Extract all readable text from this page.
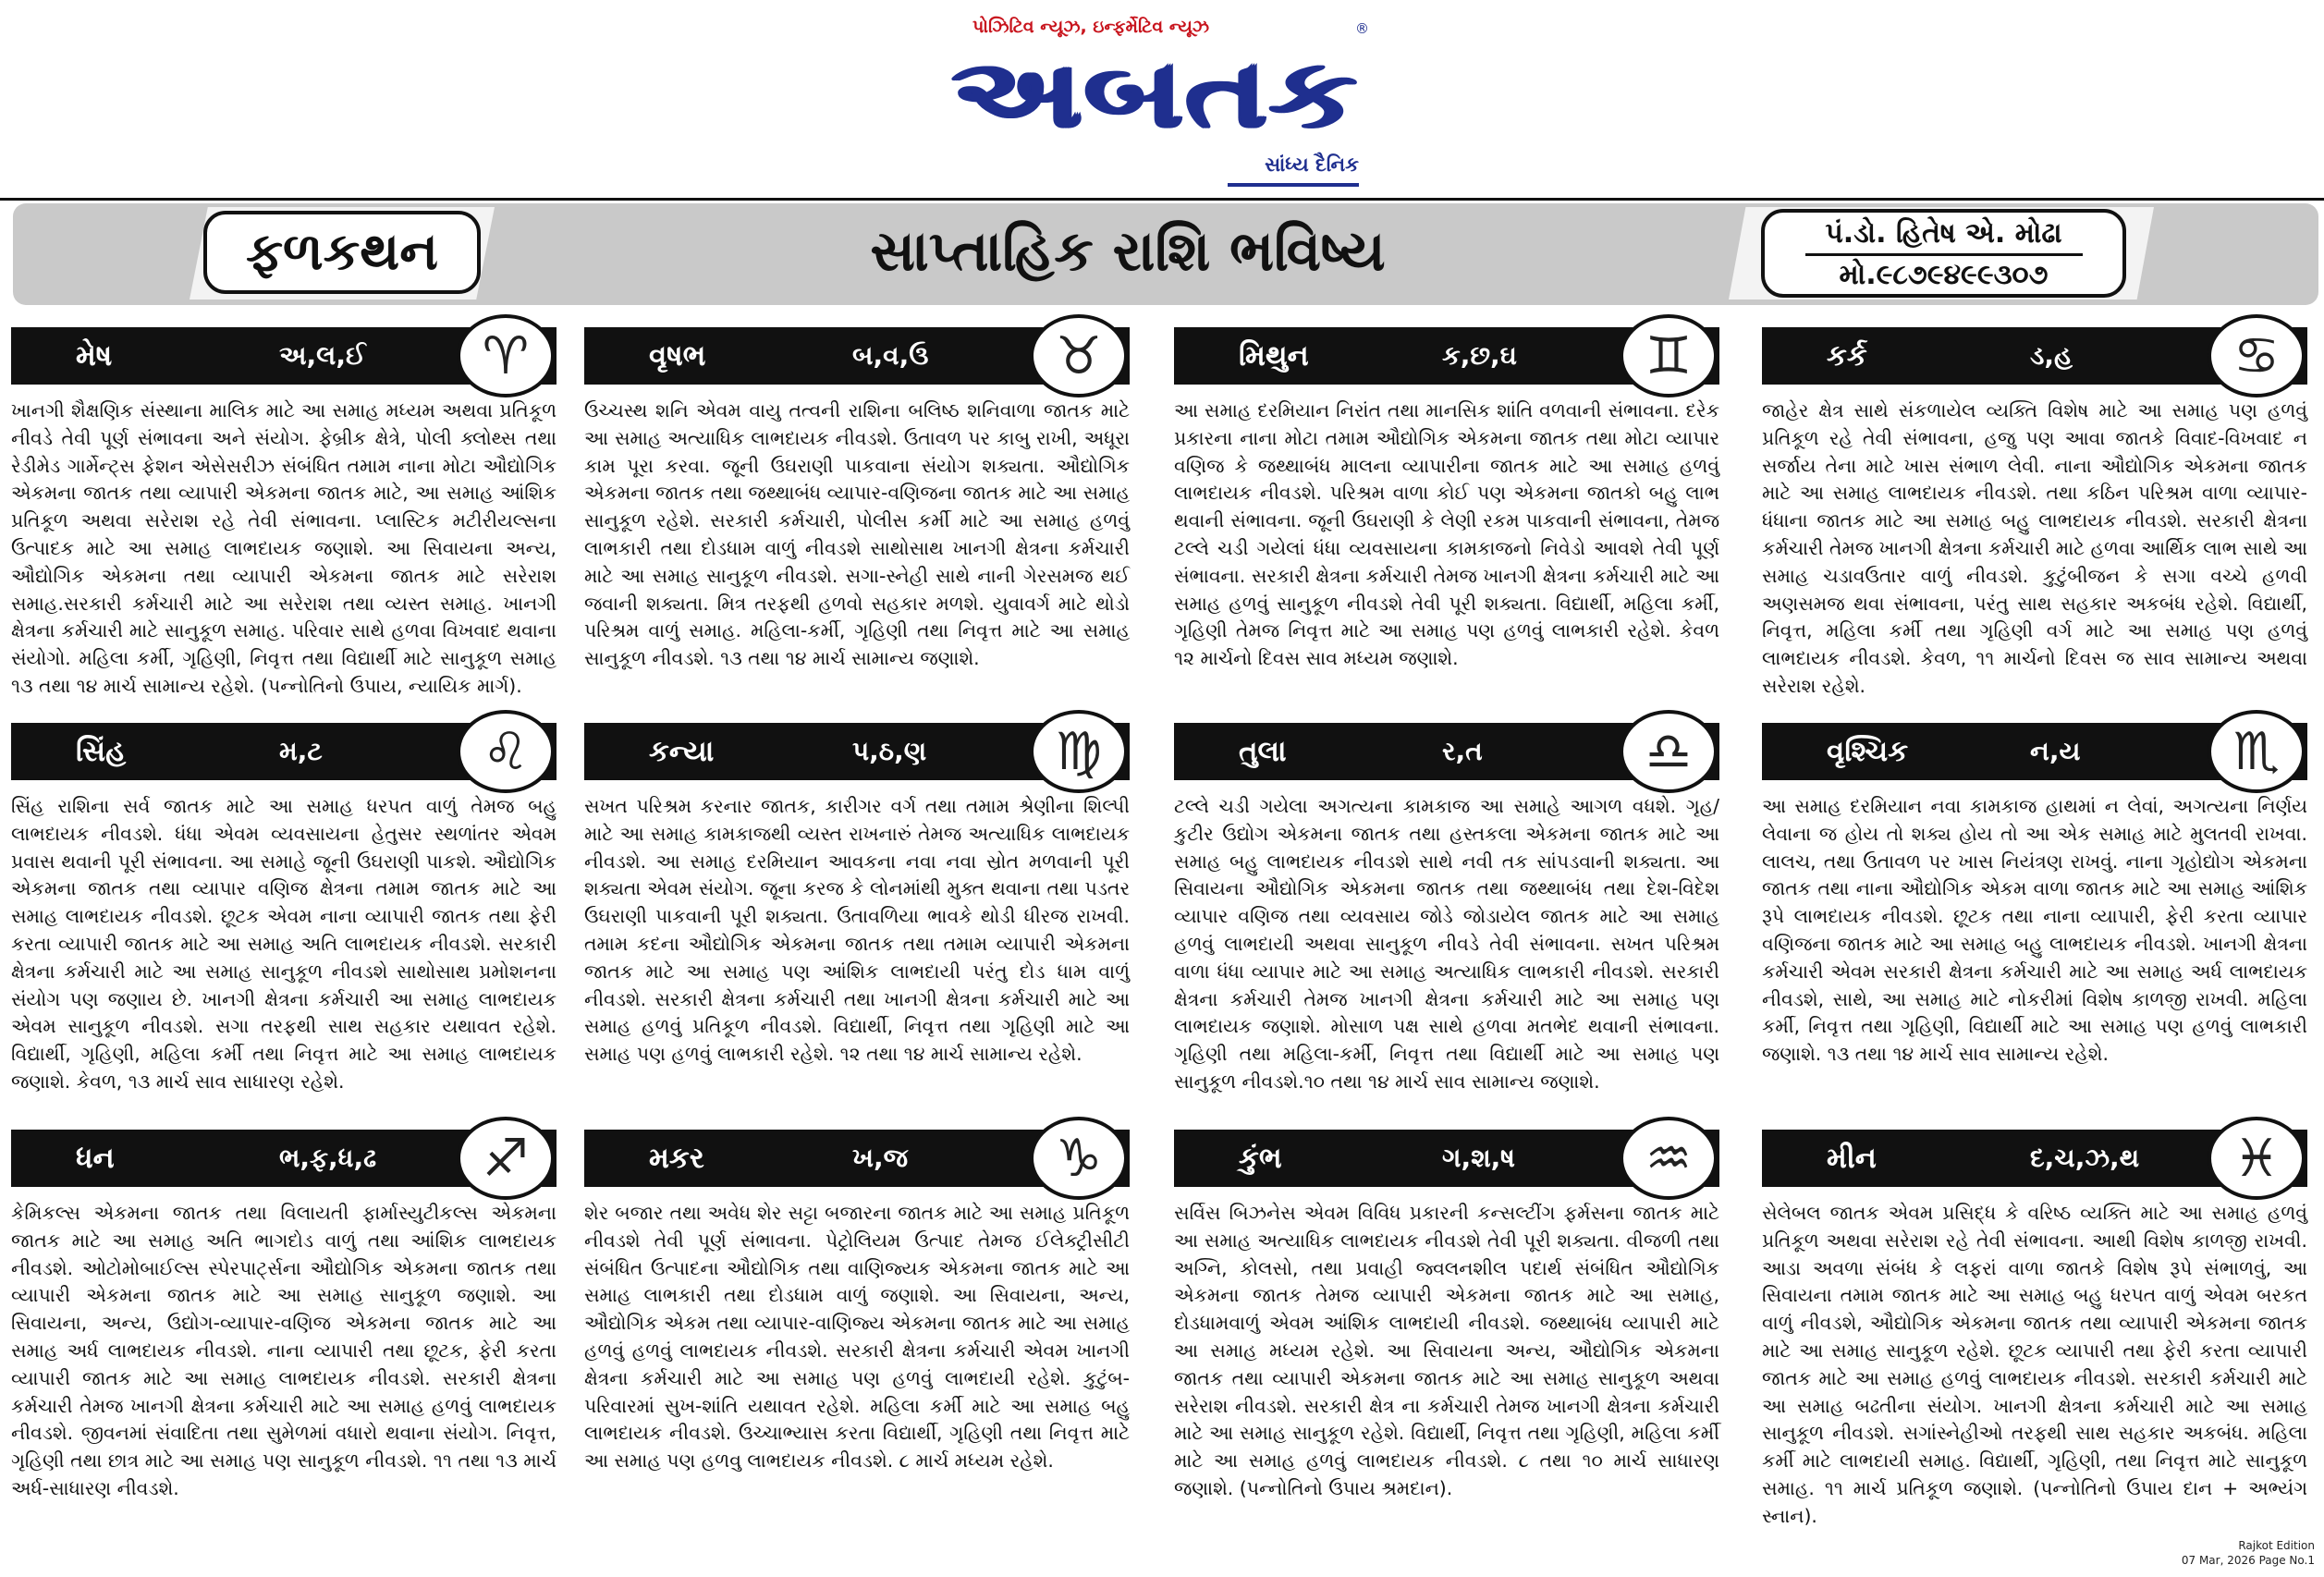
પોઝિટિવ ન્યૂઝ, ઇન્ફર્મેટિવ ન્યૂઝ
અબતક
®
સાંધ્ય દૈનિક
ફળકથન	સાપ્તાહિક રાશિ ભવિષ્ય	પં.ડો. હિતેષ એ. મોઢા
મો.૯૮૭૯૪૯૯૩૦૭
મેષ	અ,લ,ઈ	♈
ખાનગી શૈક્ષણિક સંસ્થાના માલિક માટે આ સમાહ મધ્યમ અથવા પ્રતિકૂળ નીવડે તેવી પૂર્ણ સંભાવના અને સંયોગ. ફેબ્રીક ક્ષેત્રે, પોલી ક્લોથ્સ તથા રેડીમેડ ગાર્મેન્ટ્સ ફેશન એસેસરીઝ સંબંધિત તમામ નાના મોટા ઔદ્યોગિક એકમના જાતક તથા વ્યાપારી એકમના જાતક માટે, આ સમાહ આંશિક પ્રતિકૂળ અથવા સરેરાશ રહે તેવી સંભાવના. પ્લાસ્ટિક મટીરીયલ્સના ઉત્પાદક માટે આ સમાહ લાભદાયક જણાશે. આ સિવાયના અન્ય, ઔદ્યોગિક એકમના તથા વ્યાપારી એકમના જાતક માટે સરેરાશ સમાહ.સરકારી કર્મચારી માટે આ સરેરાશ તથા વ્યસ્ત સમાહ. ખાનગી ક્ષેત્રના કર્મચારી માટે સાનુકૂળ સમાહ. પરિવાર સાથે હળવા વિખવાદ થવાના સંયોગો. મહિલા કર્મી, ગૃહિણી, નિવૃત્ત તથા વિદ્યાર્થી માટે સાનુકૂળ સમાહ ૧૩ તથા ૧૪ માર્ચ સામાન્ય રહેશે. (પન્નોતિનો ઉપાય, ન્યાયિક માર્ગ).
વૃષભ	બ,વ,ઉ	♉
ઉચ્ચસ્થ શનિ એવમ વાયુ તત્વની રાશિના બલિષ્ઠ શનિવાળા જાતક માટે આ સમાહ અત્યાધિક લાભદાયક નીવડશે. ઉતાવળ પર કાબુ રાખી, અધૂરા કામ પૂરા કરવા. જૂની ઉઘરાણી પાકવાના સંયોગ શક્યતા. ઔદ્યોગિક એકમના જાતક તથા જથ્થાબંધ વ્યાપાર-વણિજના જાતક માટે આ સમાહ સાનુકૂળ રહેશે. સરકારી કર્મચારી, પોલીસ કર્મી માટે આ સમાહ હળવું લાભકારી તથા દોડધામ વાળું નીવડશે સાથોસાથ ખાનગી ક્ષેત્રના કર્મચારી માટે આ સમાહ સાનુકૂળ નીવડશે. સગા-સ્નેહી સાથે નાની ગેરસમજ થઈ જવાની શક્યતા. મિત્ર તરફથી હળવો સહકાર મળશે. યુવાવર્ગ માટે થોડો પરિશ્રમ વાળું સમાહ. મહિલા-કર્મી, ગૃહિણી તથા નિવૃત્ત માટે આ સમાહ સાનુકૂળ નીવડશે. ૧૩ તથા ૧૪ માર્ચ સામાન્ય જણાશે.
મિથુન	ક,છ,ઘ	♊
આ સમાહ દરમિયાન નિરાંત તથા માનસિક શાંતિ વળવાની સંભાવના. દરેક પ્રકારના નાના મોટા તમામ ઔદ્યોગિક એકમના જાતક તથા મોટા વ્યાપાર વણિજ કે જથ્થાબંધ માલના વ્યાપારીના જાતક માટે આ સમાહ હળવું લાભદાયક નીવડશે. પરિશ્રમ વાળા કોઈ પણ એકમના જાતકો બહુ લાભ થવાની સંભાવના. જૂની ઉઘરાણી કે લેણી રકમ પાકવાની સંભાવના, તેમજ ટલ્લે ચડી ગયેલાં ધંધા વ્યવસાયના કામકાજનો નિવેડો આવશે તેવી પૂર્ણ સંભાવના. સરકારી ક્ષેત્રના કર્મચારી તેમજ ખાનગી ક્ષેત્રના કર્મચારી માટે આ સમાહ હળવું સાનુકૂળ નીવડશે તેવી પૂરી શક્યતા. વિદ્યાર્થી, મહિલા કર્મી, ગૃહિણી તેમજ નિવૃત્ત માટે આ સમાહ પણ હળવું લાભકારી રહેશે. કેવળ ૧૨ માર્ચનો દિવસ સાવ મધ્યમ જણાશે.
કર્ક	ડ,હ	♋
જાહેર ક્ષેત્ર સાથે સંકળાયેલ વ્યક્તિ વિશેષ માટે આ સમાહ પણ હળવું પ્રતિકૂળ રહે તેવી સંભાવના, હજુ પણ આવા જાતકે વિવાદ-વિખવાદ ન સર્જાય તેના માટે ખાસ સંભાળ લેવી. નાના ઔદ્યોગિક એકમના જાતક માટે આ સમાહ લાભદાયક નીવડશે. તથા કઠિન પરિશ્રમ વાળા વ્યાપાર-ધંધાના જાતક માટે આ સમાહ બહુ લાભદાયક નીવડશે. સરકારી ક્ષેત્રના કર્મચારી તેમજ ખાનગી ક્ષેત્રના કર્મચારી માટે હળવા આર્થિક લાભ સાથે આ સમાહ ચડાવઉતાર વાળું નીવડશે. કુટુંબીજન કે સગા વચ્ચે હળવી અણસમજ થવા સંભાવના, પરંતુ સાથ સહકાર અકબંધ રહેશે. વિદ્યાર્થી, નિવૃત્ત, મહિલા કર્મી તથા ગૃહિણી વર્ગ માટે આ સમાહ પણ હળવું લાભદાયક નીવડશે. કેવળ, ૧૧ માર્ચનો દિવસ જ સાવ સામાન્ય અથવા સરેરાશ રહેશે.
સિંહ	મ,ટ	♌
સિંહ રાશિના સર્વ જાતક માટે આ સમાહ ધરપત વાળું તેમજ બહુ લાભદાયક નીવડશે. ધંધા એવમ વ્યવસાયના હેતુસર સ્થળાંતર એવમ પ્રવાસ થવાની પૂરી સંભાવના. આ સમાહે જૂની ઉઘરાણી પાકશે. ઔદ્યોગિક એકમના જાતક તથા વ્યાપાર વણિજ ક્ષેત્રના તમામ જાતક માટે આ સમાહ લાભદાયક નીવડશે. છૂટક એવમ નાના વ્યાપારી જાતક તથા ફેરી કરતા વ્યાપારી જાતક માટે આ સમાહ અતિ લાભદાયક નીવડશે. સરકારી ક્ષેત્રના કર્મચારી માટે આ સમાહ સાનુકૂળ નીવડશે સાથોસાથ પ્રમોશનના સંયોગ પણ જણાય છે. ખાનગી ક્ષેત્રના કર્મચારી આ સમાહ લાભદાયક એવમ સાનુકૂળ નીવડશે. સગા તરફથી સાથ સહકાર યથાવત રહેશે. વિદ્યાર્થી, ગૃહિણી, મહિલા કર્મી તથા નિવૃત્ત માટે આ સમાહ લાભદાયક જણાશે. કેવળ, ૧૩ માર્ચ સાવ સાધારણ રહેશે.
કન્યા	પ,ઠ,ણ	♍
સખત પરિશ્રમ કરનાર જાતક, કારીગર વર્ગ તથા તમામ શ્રેણીના શિલ્પી માટે આ સમાહ કામકાજથી વ્યસ્ત રાખનારું તેમજ અત્યાધિક લાભદાયક નીવડશે. આ સમાહ દરમિયાન આવકના નવા નવા સ્રોત મળવાની પૂરી શક્યતા એવમ સંયોગ. જૂના કરજ કે લોનમાંથી મુક્ત થવાના તથા પડતર ઉઘરાણી પાકવાની પૂરી શક્યતા. ઉતાવળિયા ભાવકે થોડી ધીરજ રાખવી. તમામ કદના ઔદ્યોગિક એકમના જાતક તથા તમામ વ્યાપારી એકમના જાતક માટે આ સમાહ પણ આંશિક લાભદાયી પરંતુ દોડ ધામ વાળું નીવડશે. સરકારી ક્ષેત્રના કર્મચારી તથા ખાનગી ક્ષેત્રના કર્મચારી માટે આ સમાહ હળવું પ્રતિકૂળ નીવડશે. વિદ્યાર્થી, નિવૃત્ત તથા ગૃહિણી માટે આ સમાહ પણ હળવું લાભકારી રહેશે. ૧૨ તથા ૧૪ માર્ચ સામાન્ય રહેશે.
તુલા	ર,ત	♎
ટલ્લે ચડી ગયેલા અગત્યના કામકાજ આ સમાહે આગળ વધશે. ગૃહ/કુટીર ઉદ્યોગ એકમના જાતક તથા હસ્તકલા એકમના જાતક માટે આ સમાહ બહુ લાભદાયક નીવડશે સાથે નવી તક સાંપડવાની શક્યતા. આ સિવાયના ઔદ્યોગિક એકમના જાતક તથા જથ્થાબંધ તથા દેશ-વિદેશ વ્યાપાર વણિજ તથા વ્યવસાય જોડે જોડાયેલ જાતક માટે આ સમાહ હળવું લાભદાયી અથવા સાનુકૂળ નીવડે તેવી સંભાવના. સખત પરિશ્રમ વાળા ધંધા વ્યાપાર માટે આ સમાહ અત્યાધિક લાભકારી નીવડશે. સરકારી ક્ષેત્રના કર્મચારી તેમજ ખાનગી ક્ષેત્રના કર્મચારી માટે આ સમાહ પણ લાભદાયક જણાશે. મોસાળ પક્ષ સાથે હળવા મતભેદ થવાની સંભાવના. ગૃહિણી તથા મહિલા-કર્મી, નિવૃત્ત તથા વિદ્યાર્થી માટે આ સમાહ પણ સાનુકૂળ નીવડશે.૧૦ તથા ૧૪ માર્ચ સાવ સામાન્ય જણાશે.
વૃશ્ચિક	ન,ય	♏
આ સમાહ દરમિયાન નવા કામકાજ હાથમાં ન લેવાં, અગત્યના નિર્ણય લેવાના જ હોય તો શક્ય હોય તો આ એક સમાહ માટે મુલતવી રાખવા. લાલચ, તથા ઉતાવળ પર ખાસ નિયંત્રણ રાખવું. નાના ગૃહોદ્યોગ એકમના જાતક તથા નાના ઔદ્યોગિક એકમ વાળા જાતક માટે આ સમાહ આંશિક રૂપે લાભદાયક નીવડશે. છૂટક તથા નાના વ્યાપારી, ફેરી કરતા વ્યાપાર વણિજના જાતક માટે આ સમાહ બહુ લાભદાયક નીવડશે. ખાનગી ક્ષેત્રના કર્મચારી એવમ સરકારી ક્ષેત્રના કર્મચારી માટે આ સમાહ અર્ધ લાભદાયક નીવડશે, સાથે, આ સમાહ માટે નોકરીમાં વિશેષ કાળજી રાખવી. મહિલા કર્મી, નિવૃત્ત તથા ગૃહિણી, વિદ્યાર્થી માટે આ સમાહ પણ હળવું લાભકારી જણાશે. ૧૩ તથા ૧૪ માર્ચ સાવ સામાન્ય રહેશે.
ધન	ભ,ફ,ધ,ઢ	♐
કેમિકલ્સ એકમના જાતક તથા વિલાયતી ફાર્માસ્યુટીકલ્સ એકમના જાતક માટે આ સમાહ અતિ ભાગદોડ વાળું તથા આંશિક લાભદાયક નીવડશે. ઓટોમોબાઈલ્સ સ્પેરપાર્ટ્સના ઔદ્યોગિક એકમના જાતક તથા વ્યાપારી એકમના જાતક માટે આ સમાહ સાનુકૂળ જણાશે. આ સિવાયના, અન્ય, ઉદ્યોગ-વ્યાપાર-વણિજ એકમના જાતક માટે આ સમાહ અર્ધ લાભદાયક નીવડશે. નાના વ્યાપારી તથા છૂટક, ફેરી કરતા વ્યાપારી જાતક માટે આ સમાહ લાભદાયક નીવડશે. સરકારી ક્ષેત્રના કર્મચારી તેમજ ખાનગી ક્ષેત્રના કર્મચારી માટે આ સમાહ હળવું લાભદાયક નીવડશે. જીવનમાં સંવાદિતા તથા સુમેળમાં વધારો થવાના સંયોગ. નિવૃત્ત, ગૃહિણી તથા છાત્ર માટે આ સમાહ પણ સાનુકૂળ નીવડશે. ૧૧ તથા ૧૩ માર્ચ અર્ધ-સાધારણ નીવડશે.
મકર	ખ,જ	♑
શેર બજાર તથા અવેધ શેર સટ્ટા બજારના જાતક માટે આ સમાહ પ્રતિકૂળ નીવડશે તેવી પૂર્ણ સંભાવના. પેટ્રોલિયમ ઉત્પાદ તેમજ ઈલેક્ટ્રીસીટી સંબંધિત ઉત્પાદના ઔદ્યોગિક તથા વાણિજ્યક એકમના જાતક માટે આ સમાહ લાભકારી તથા દોડધામ વાળું જણાશે. આ સિવાયના, અન્ય, ઔદ્યોગિક એકમ તથા વ્યાપાર-વાણિજ્ય એકમના જાતક માટે આ સમાહ હળવું હળવું લાભદાયક નીવડશે. સરકારી ક્ષેત્રના કર્મચારી એવમ ખાનગી ક્ષેત્રના કર્મચારી માટે આ સમાહ પણ હળવું લાભદાયી રહેશે. કુટુંબ-પરિવારમાં સુખ-શાંતિ યથાવત રહેશે. મહિલા કર્મી માટે આ સમાહ બહુ લાભદાયક નીવડશે. ઉચ્ચાભ્યાસ કરતા વિદ્યાર્થી, ગૃહિણી તથા નિવૃત્ત માટે આ સમાહ પણ હળવુ લાભદાયક નીવડશે. ૮ માર્ચ મધ્યમ રહેશે.
કુંભ	ગ,શ,ષ	♒
સર્વિસ બિઝનેસ એવમ વિવિધ પ્રકારની કન્સલ્ટીંગ ફર્મસના જાતક માટે આ સમાહ અત્યાધિક લાભદાયક નીવડશે તેવી પૂરી શક્યતા. વીજળી તથા અગ્નિ, કોલસો, તથા પ્રવાહી જ્વલનશીલ પદાર્થ સંબંધિત ઔદ્યોગિક એકમના જાતક તેમજ વ્યાપારી એકમના જાતક માટે આ સમાહ, દોડધામવાળું એવમ આંશિક લાભદાયી નીવડશે. જથ્થાબંધ વ્યાપારી માટે આ સમાહ મધ્યમ રહેશે. આ સિવાયના અન્ય, ઔદ્યોગિક એકમના જાતક તથા વ્યાપારી એકમના જાતક માટે આ સમાહ સાનુકૂળ અથવા સરેરાશ નીવડશે. સરકારી ક્ષેત્ર ના કર્મચારી તેમજ ખાનગી ક્ષેત્રના કર્મચારી માટે આ સમાહ સાનુકૂળ રહેશે. વિદ્યાર્થી, નિવૃત્ત તથા ગૃહિણી, મહિલા કર્મી માટે આ સમાહ હળવું લાભદાયક નીવડશે. ૮ તથા ૧૦ માર્ચ સાધારણ જણાશે. (પન્નોતિનો ઉપાય શ્રમદાન).
મીન	દ,ચ,ઝ,થ	♓
સેલેબલ જાતક એવમ પ્રસિદ્ધ કે વરિષ્ઠ વ્યક્તિ માટે આ સમાહ હળવું પ્રતિકૂળ અથવા સરેરાશ રહે તેવી સંભાવના. આથી વિશેષ કાળજી રાખવી. આડા અવળા સંબંધ કે લફરાં વાળા જાતકે વિશેષ રૂપે સંભાળવું, આ સિવાયના તમામ જાતક માટે આ સમાહ બહુ ધરપત વાળું એવમ બરકત વાળું નીવડશે, ઔદ્યોગિક એકમના જાતક તથા વ્યાપારી એકમના જાતક માટે આ સમાહ સાનુકૂળ રહેશે. છૂટક વ્યાપારી તથા ફેરી કરતા વ્યાપારી જાતક માટે આ સમાહ હળવું લાભદાયક નીવડશે. સરકારી કર્મચારી માટે આ સમાહ બઢતીના સંયોગ. ખાનગી ક્ષેત્રના કર્મચારી માટે આ સમાહ સાનુકૂળ નીવડશે. સગાંસ્નેહીઓ તરફથી સાથ સહકાર અકબંધ. મહિલા કર્મી માટે લાભદાયી સમાહ. વિદ્યાર્થી, ગૃહિણી, તથા નિવૃત્ત માટે સાનુકૂળ સમાહ. ૧૧ માર્ચ પ્રતિકૂળ જણાશે. (પન્નોતિનો ઉપાય દાન + અભ્યંગ સ્નાન).
Rajkot Edition
07 Mar, 2026 Page No.1
